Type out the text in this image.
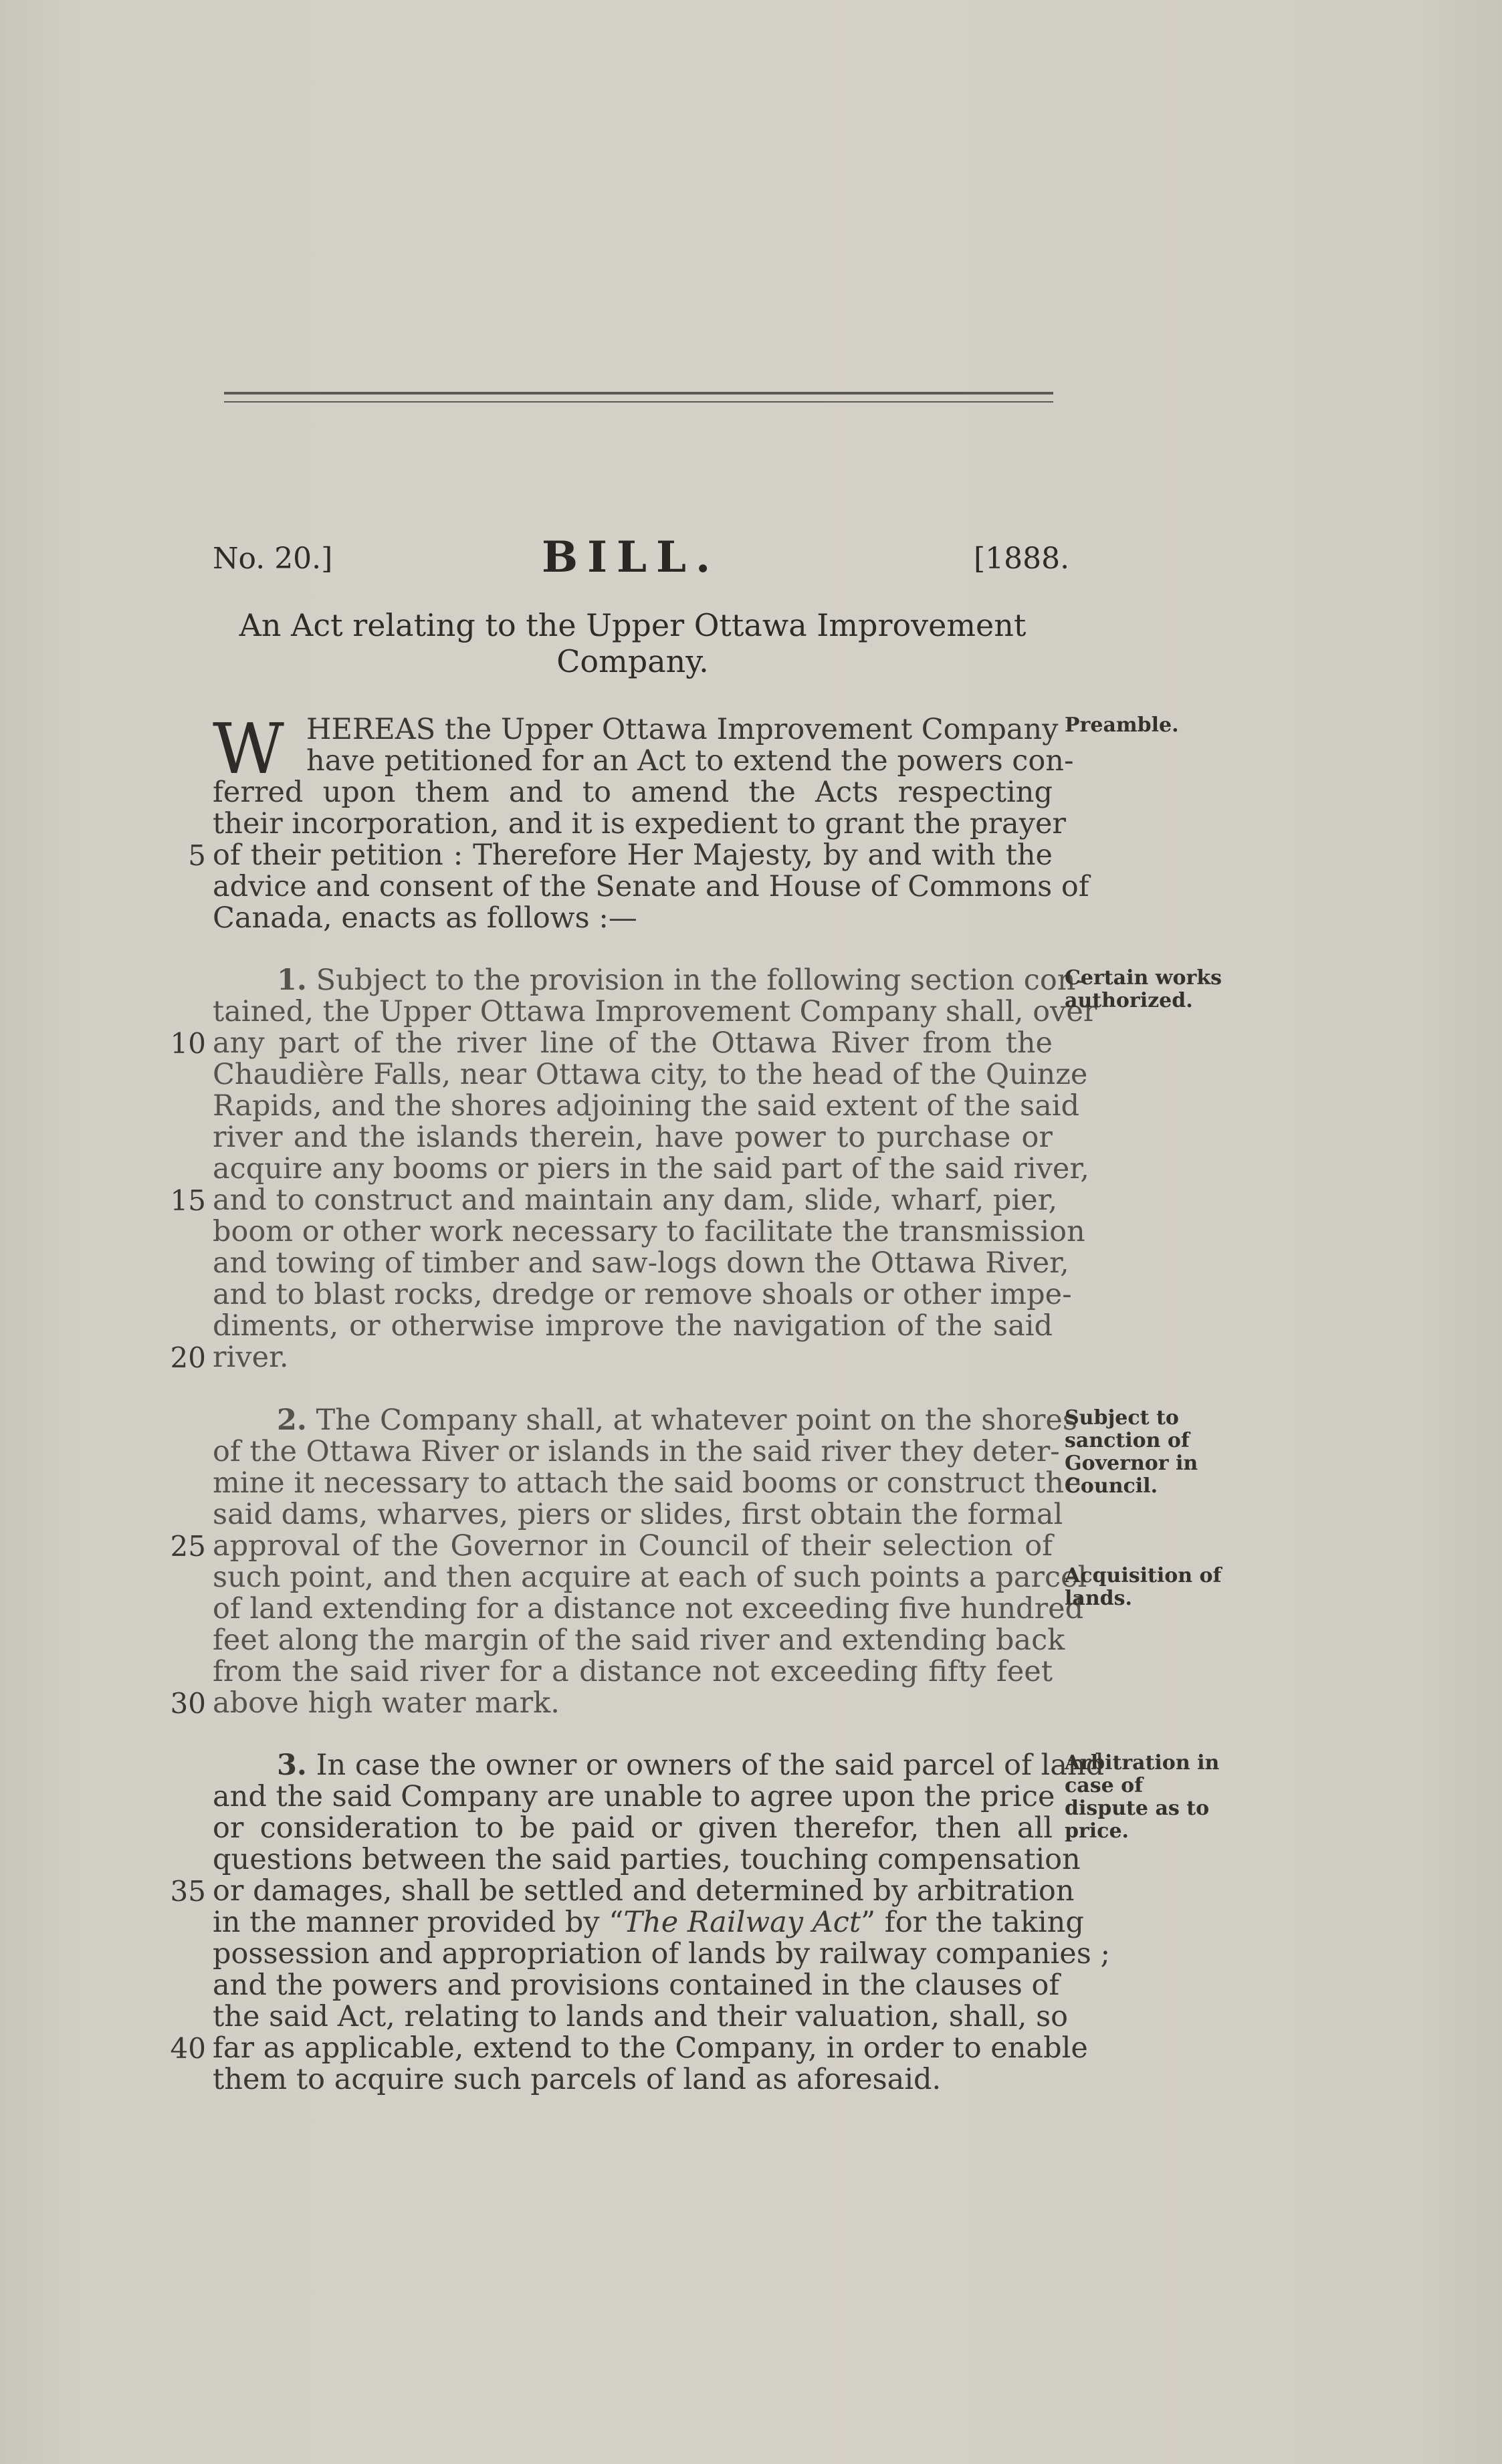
No. 20.]	BILL.	[1888.
An Act relating to the Upper Ottawa Improvement Company.
W HEREAS the Upper Ottawa Improvement Company
have petitioned for an Act to extend the powers con-
ferred upon them and to amend the Acts respecting
their incorporation, and it is expedient to grant the prayer
of their petition : Therefore Her Majesty, by and with the
advice and consent of the Senate and House of Commons of
Canada, enacts as follows :—
1. Subject to the provision in the following section con-
tained, the Upper Ottawa Improvement Company shall, over
any part of the river line of the Ottawa River from the
Chaudière Falls, near Ottawa city, to the head of the Quinze
Rapids, and the shores adjoining the said extent of the said
river and the islands therein, have power to purchase or
acquire any booms or piers in the said part of the said river,
and to construct and maintain any dam, slide, wharf, pier,
boom or other work necessary to facilitate the transmission
and towing of timber and saw-logs down the Ottawa River,
and to blast rocks, dredge or remove shoals or other impe-
diments, or otherwise improve the navigation of the said
river.
2. The Company shall, at whatever point on the shores
of the Ottawa River or islands in the said river they deter-
mine it necessary to attach the said booms or construct the
said dams, wharves, piers or slides, first obtain the formal
approval of the Governor in Council of their selection of
such point, and then acquire at each of such points a parcel
of land extending for a distance not exceeding five hundred
feet along the margin of the said river and extending back
from the said river for a distance not exceeding fifty feet
above high water mark.
3. In case the owner or owners of the said parcel of land
and the said Company are unable to agree upon the price
or consideration to be paid or given therefor, then all
questions between the said parties, touching compensation
or damages, shall be settled and determined by arbitration
in the manner provided by “The Railway Act” for the taking
possession and appropriation of lands by railway companies ;
and the powers and provisions contained in the clauses of
the said Act, relating to lands and their valuation, shall, so
far as applicable, extend to the Company, in order to enable
them to acquire such parcels of land as aforesaid.
5
10
15
20
25
30
35
40
Preamble.
Certain works authorized.
Subject to sanction of Governor in Council.
Acquisition of lands.
Arbitration in case of dispute as to price.
